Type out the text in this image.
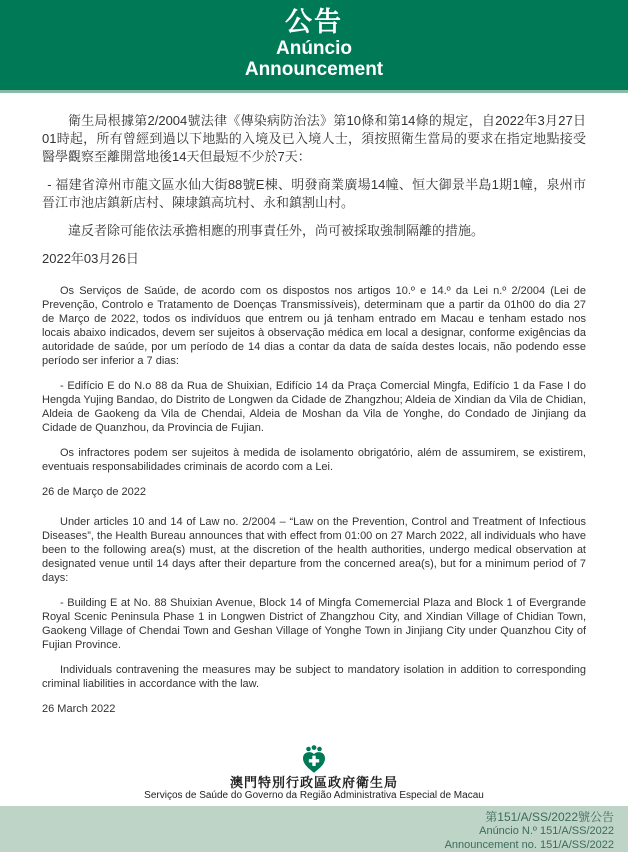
公告
Anúncio
Announcement

衛生局根據第2/2004號法律《傳染病防治法》第10條和第14條的規定，自2022年3月27日01時起，所有曾經到過以下地點的入境及已入境人士，須按照衛生當局的要求在指定地點接受醫學觀察至離開當地後14天但最短不少於7天：

- 福建省漳州市龍文區水仙大街88號E棟、明發商業廣場14幢、恒大御景半島1期1幢，泉州市晉江市池店鎮新店村、陳埭鎮高坑村、永和鎮割山村。

違反者除可能依法承擔相應的刑事責任外，尚可被採取強制隔離的措施。

2022年03月26日

Os Serviços de Saúde, de acordo com os dispostos nos artigos 10.º e 14.º da Lei n.º 2/2004 (Lei de Prevenção, Controlo e Tratamento de Doenças Transmissíveis), determinam que a partir da 01h00 do dia 27 de Março de 2022, todos os indivíduos que entrem ou já tenham entrado em Macau e tenham estado nos locais abaixo indicados, devem ser sujeitos à observação médica em local a designar, conforme exigências da autoridade de saúde, por um período de 14 dias a contar da data de saída destes locais, não podendo esse período ser inferior a 7 dias:

- Edifício E do N.o 88 da Rua de Shuixian, Edifício 14 da Praça Comercial Mingfa, Edifício 1 da Fase I do Hengda Yujing Bandao, do Distrito de Longwen da Cidade de Zhangzhou; Aldeia de Xindian da Vila de Chidian, Aldeia de Gaokeng da Vila de Chendai, Aldeia de Moshan da Vila de Yonghe, do Condado de Jinjiang da Cidade de Quanzhou, da Provincia de Fujian.

Os infractores podem ser sujeitos à medida de isolamento obrigatório, além de assumirem, se existirem, eventuais responsabilidades criminais de acordo com a Lei.

26 de Março de 2022

Under articles 10 and 14 of Law no. 2/2004 – “Law on the Prevention, Control and Treatment of Infectious Diseases”, the Health Bureau announces that with effect from 01:00 on 27 March 2022, all individuals who have been to the following area(s) must, at the discretion of the health authorities, undergo medical observation at designated venue until 14 days after their departure from the concerned area(s), but for a minimum period of 7 days:

- Building E at No. 88 Shuixian Avenue, Block 14 of Mingfa Comemercial Plaza and Block 1 of Evergrande Royal Scenic Peninsula Phase 1 in Longwen District of Zhangzhou City, and Xindian Village of Chidian Town, Gaokeng Village of Chendai Town and Geshan Village of Yonghe Town in Jinjiang City under Quanzhou City of Fujian Province.

Individuals contravening the measures may be subject to mandatory isolation in addition to corresponding criminal liabilities in accordance with the law.

26 March 2022

澳門特別行政區政府衛生局
Serviços de Saúde do Governo da Região Administrativa Especial de Macau
第151/A/SS/2022號公告
Anúncio N.º 151/A/SS/2022
Announcement no. 151/A/SS/2022
